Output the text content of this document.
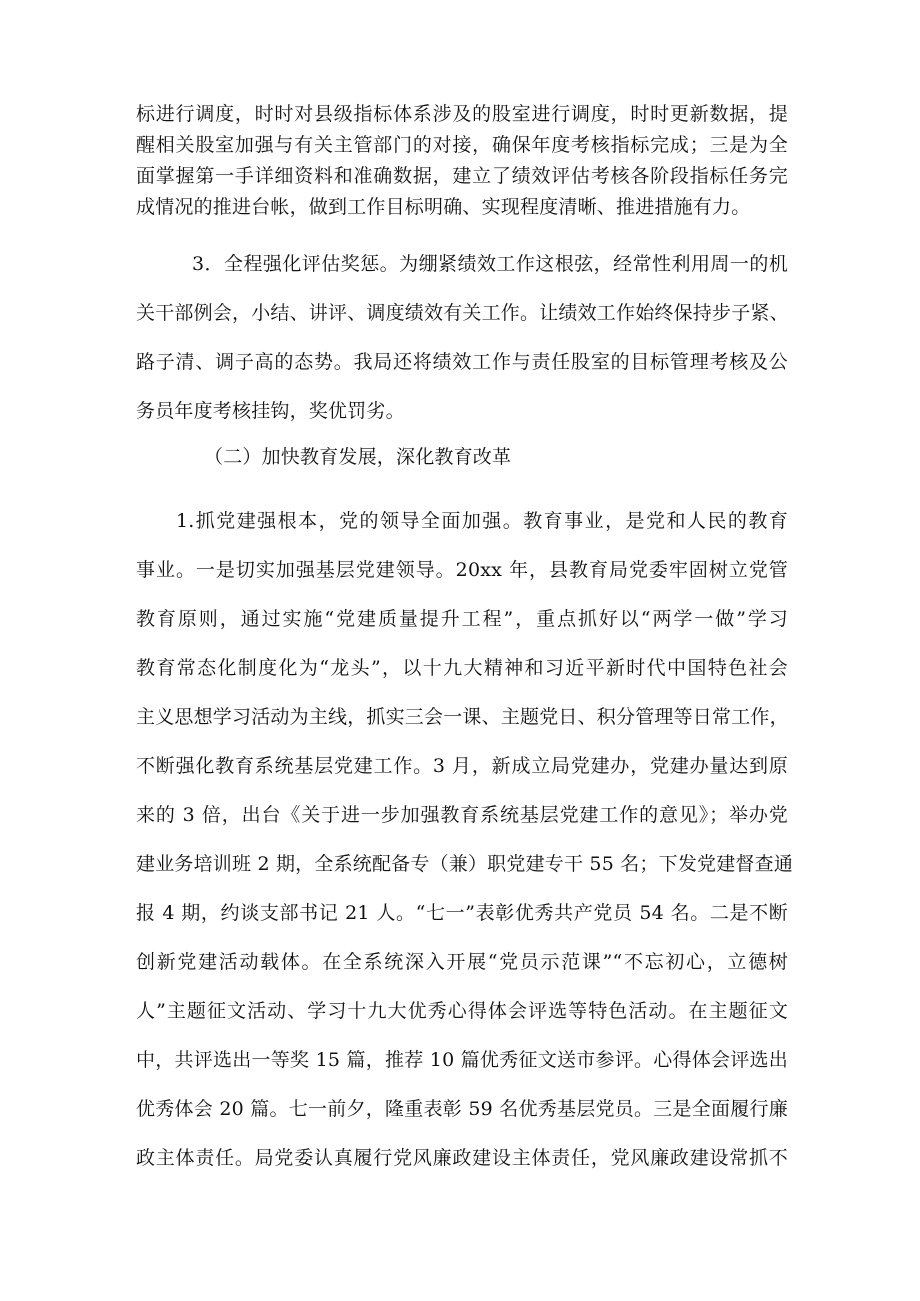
标进行调度，时时对县级指标体系涉及的股室进行调度，时时更新数据，提
醒相关股室加强与有关主管部门的对接，确保年度考核指标完成；三是为全
面掌握第一手详细资料和准确数据，建立了绩效评估考核各阶段指标任务完
成情况的推进台帐，做到工作目标明确、实现程度清晰、推进措施有力。
3．全程强化评估奖惩。为绷紧绩效工作这根弦，经常性利用周一的机
关干部例会，小结、讲评、调度绩效有关工作。让绩效工作始终保持步子紧、
路子清、调子高的态势。我局还将绩效工作与责任股室的目标管理考核及公
务员年度考核挂钩，奖优罚劣。
（二）加快教育发展，深化教育改革
1.抓党建强根本，党的领导全面加强。教育事业，是党和人民的教育
事业。一是切实加强基层党建领导。20xx 年，县教育局党委牢固树立党管
教育原则，通过实施“党建质量提升工程”，重点抓好以“两学一做”学习
教育常态化制度化为“龙头”，以十九大精神和习近平新时代中国特色社会
主义思想学习活动为主线，抓实三会一课、主题党日、积分管理等日常工作，
不断强化教育系统基层党建工作。3 月，新成立局党建办，党建办量达到原
来的 3 倍，出台《关于进一步加强教育系统基层党建工作的意见》；举办党
建业务培训班 2 期，全系统配备专（兼）职党建专干 55 名；下发党建督查通
报 4 期，约谈支部书记 21 人。“七一”表彰优秀共产党员 54 名。二是不断
创新党建活动载体。在全系统深入开展“党员示范课”“不忘初心，立德树
人”主题征文活动、学习十九大优秀心得体会评选等特色活动。在主题征文
中，共评选出一等奖 15 篇，推荐 10 篇优秀征文送市参评。心得体会评选出
优秀体会 20 篇。七一前夕，隆重表彰 59 名优秀基层党员。三是全面履行廉
政主体责任。局党委认真履行党风廉政建设主体责任，党风廉政建设常抓不
